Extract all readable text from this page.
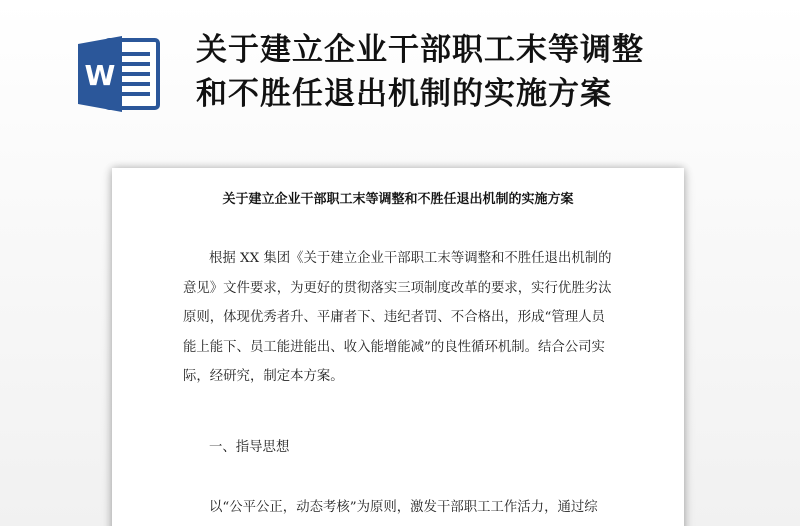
W
关于建立企业干部职工末等调整
和不胜任退出机制的实施方案
关于建立企业干部职工末等调整和不胜任退出机制的实施方案
根据 XX 集团《关于建立企业干部职工末等调整和不胜任退出机制的
意见》文件要求，为更好的贯彻落实三项制度改革的要求，实行优胜劣汰
原则，体现优秀者升、平庸者下、违纪者罚、不合格出，形成“管理人员
能上能下、员工能进能出、收入能增能减”的良性循环机制。结合公司实
际，经研究，制定本方案。
一、指导思想
以“公平公正，动态考核”为原则，激发干部职工工作活力，通过综
